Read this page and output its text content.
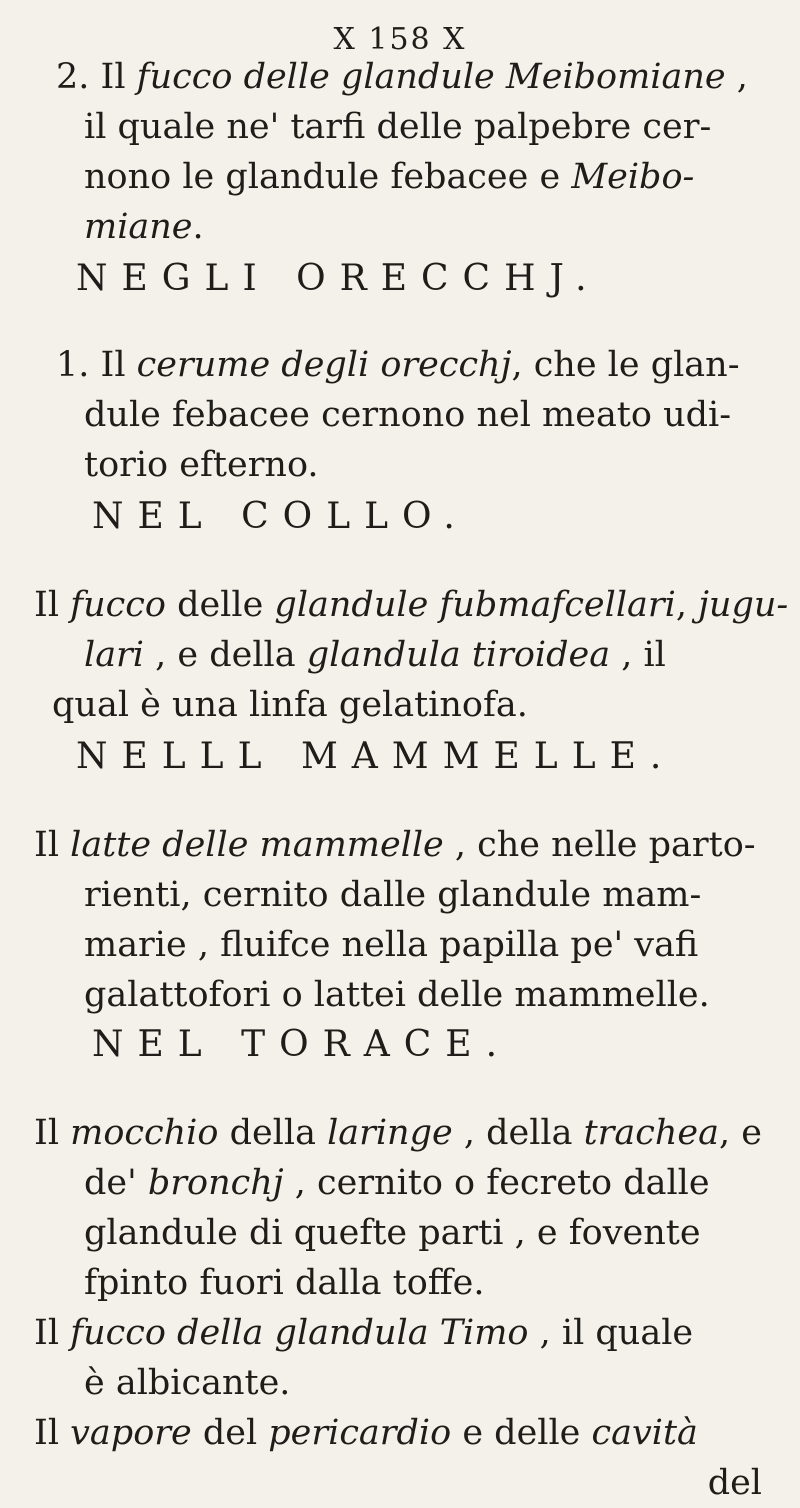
X 158 X
2. Il fucco delle glandule Meibomiane ,
il quale ne' tarfi delle palpebre cer-
nono le glandule febacee e Meibo-
miane.
NEGLI ORECCHJ.
1. Il cerume degli orecchj, che le glan-
dule febacee cernono nel meato udi-
torio efterno.
NEL COLLO.
Il fucco delle glandule fubmafcellari, jugu-
lari , e della glandula tiroidea , il
qual è una linfa gelatinofa.
NELLL MAMMELLE.
Il latte delle mammelle , che nelle parto-
rienti, cernito dalle glandule mam-
marie , fluifce nella papilla pe' vafi
galattofori o lattei delle mammelle.
NEL TORACE.
Il mocchio della laringe , della trachea, e
de' bronchj , cernito o fecreto dalle
glandule di quefte parti , e fovente
fpinto fuori dalla toffe.
Il fucco della glandula Timo , il quale
è albicante.
Il vapore del pericardio e delle cavità
del
